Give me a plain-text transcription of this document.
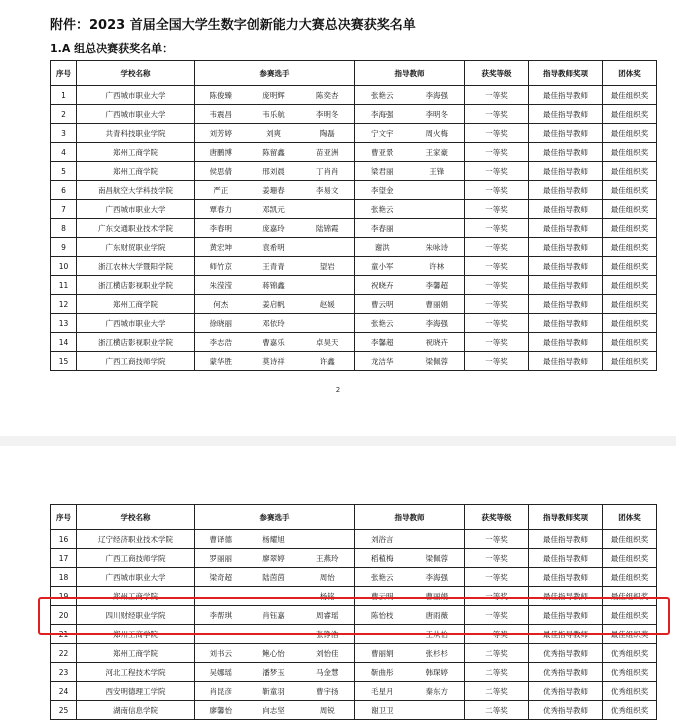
附件：2023 首届全国大学生数字创新能力大赛总决赛获奖名单
1.A 组总决赛获奖名单：
序号	学校名称	参赛选手			指导教师		获奖等级	指导教师奖项	团体奖
1	广西城市职业大学	陈俊臻	庞明辉	陈奕杏	张艳云	李海强	一等奖	最佳指导教师	最佳组织奖
2	广西城市职业大学	韦震昌	韦乐航	李明冬	李海强	李明冬	一等奖	最佳指导教师	最佳组织奖
3	共青科技职业学院	刘芳婷	刘爽	陶磊	宁文宇	周火梅	一等奖	最佳指导教师	最佳组织奖
4	郑州工商学院	唐鹏博	陈留鑫	苗亚洲	曹亚景	王家豪	一等奖	最佳指导教师	最佳组织奖
5	郑州工商学院	侯思倩	邢刘晨	丁肖肖	梁君丽	王锋	一等奖	最佳指导教师	最佳组织奖
6	南昌航空大学科技学院	严正	姜珊春	李易文	李望金		一等奖	最佳指导教师	最佳组织奖
7	广西城市职业大学	覃春力	邓凯元		张艳云		一等奖	最佳指导教师	最佳组织奖
8	广东交通职业技术学院	李春明	庞嘉玲	陆锦霞	李春丽		一等奖	最佳指导教师	最佳组织奖
9	广东财贸职业学院	黄宏坤	袁希明		谢洪	朱咏诗	一等奖	最佳指导教师	最佳组织奖
10	浙江农林大学暨阳学院	师竹京	王青青	望岩	童小军	许林	一等奖	最佳指导教师	最佳组织奖
11	浙江横店影视职业学院	朱滢滢	蒋锦鑫		祝晓卉	李馨超	一等奖	最佳指导教师	最佳组织奖
12	郑州工商学院	何杰	姜启帆	赵媛	曹云明	曹丽娟	一等奖	最佳指导教师	最佳组织奖
13	广西城市职业大学	徐晓丽	邓依玲		张艳云	李海强	一等奖	最佳指导教师	最佳组织奖
14	浙江横店影视职业学院	李志浩	曹嘉乐	卓昊天	李馨超	祝晓卉	一等奖	最佳指导教师	最佳组织奖
15	广西工商技师学院	蒙华胜	莫诗祥	许鑫	龙洁华	梁佩蓉	一等奖	最佳指导教师	最佳组织奖
2
序号	学校名称	参赛选手			指导教师		获奖等级	指导教师奖项	团体奖
16	辽宁经济职业技术学院	曹译德	杨耀旭		刘浴言		一等奖	最佳指导教师	最佳组织奖
17	广西工商技师学院	罗丽丽	廖翠婷	王燕玲	稻稙梅	梁佩蓉	一等奖	最佳指导教师	最佳组织奖
18	广西城市职业大学	梁奇超	陆茵茵	周怡	张艳云	李海强	一等奖	最佳指导教师	最佳组织奖
19	郑州工商学院			杨铭	曹云明	曹丽娟	一等奖	最佳指导教师	最佳组织奖
20	四川财经职业学院	李帮琪	肖钰嘉	周睿瑶	陈怡枝	唐雨薇	一等奖	最佳指导教师	最佳组织奖
21	郑州工商学院			张铮浩		王从怡	一等奖	最佳指导教师	最佳组织奖
22	郑州工商学院	刘书云	鲍心怡	刘怡佳	曹丽娟	张杉杉	二等奖	优秀指导教师	优秀组织奖
23	河北工程技术学院	吴娜瑶	潘梦玉	马金慧	靳曲彤	韩琛婷	二等奖	优秀指导教师	优秀组织奖
24	西安明德理工学院	肖昆彦	靳童羽	曹宇扬	毛星月	秦东方	二等奖	优秀指导教师	优秀组织奖
25	湖南信息学院	廖馨怡	向志坚	周锐	谢卫卫		二等奖	优秀指导教师	优秀组织奖
